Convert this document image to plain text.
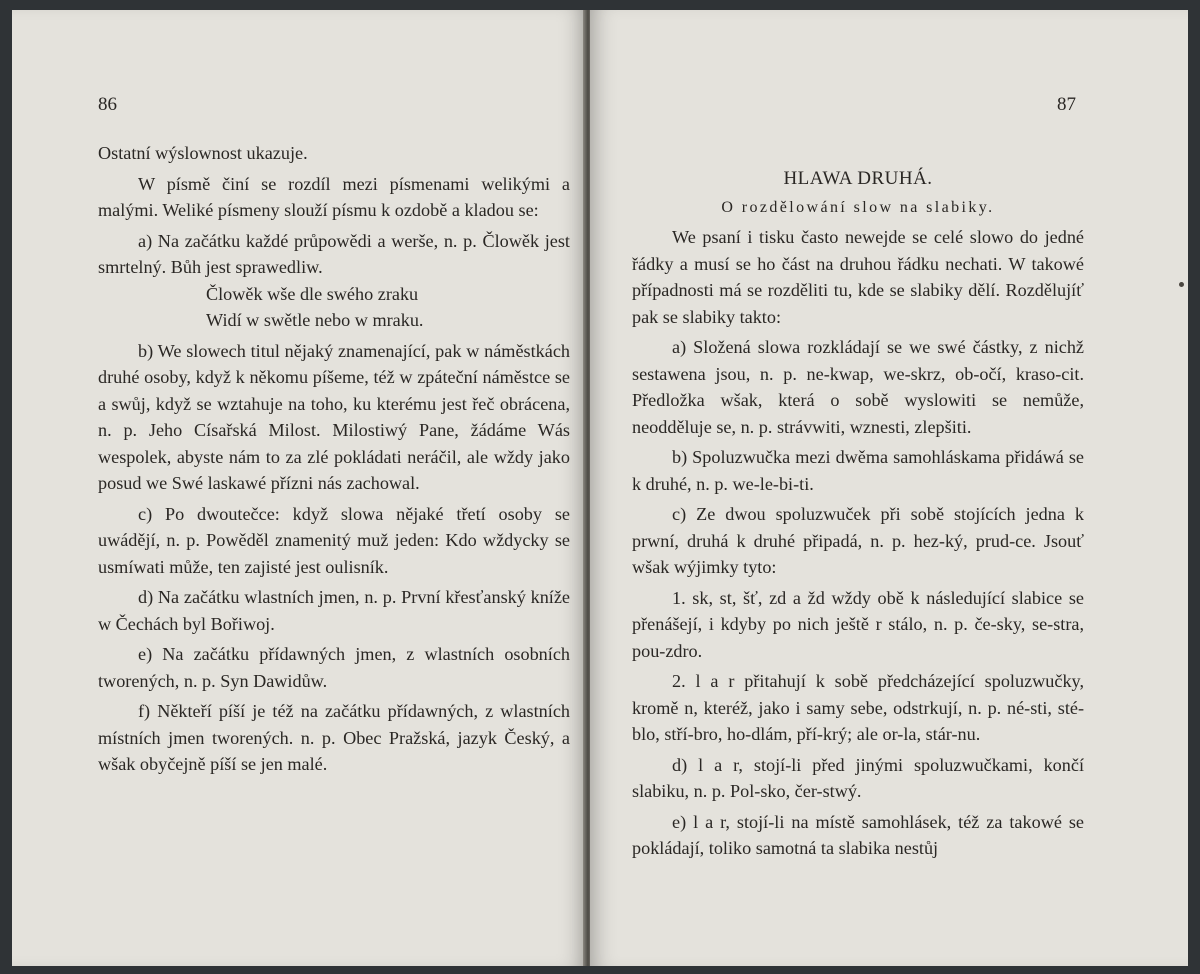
86

Ostatní wýslownost ukazuje.

W písmě činí se rozdíl mezi písmenami welikými a malými. Weliké písmeny slouží písmu k ozdobě a kladou se:

a) Na začátku každé průpowědi a werše, n. p. Člowěk jest smrtelný. Bůh jest sprawedliw.

Člowěk wše dle swého zraku

Widí w swětle nebo w mraku.

b) We slowech titul nějaký znamenající, pak w náměstkách druhé osoby, když k někomu píšeme, též w zpáteční náměstce se a swůj, když se wztahuje na toho, ku kterému jest řeč obrácena, n. p. Jeho Císařská Milost. Milostiwý Pane, žádáme Wás wespolek, abyste nám to za zlé pokládati neráčil, ale wždy jako posud we Swé laskawé přízni nás zachowal.

c) Po dwoutečce: když slowa nějaké třetí osoby se uwádějí, n. p. Powěděl znamenitý muž jeden: Kdo wždycky se usmíwati může, ten zajisté jest oulisník.

d) Na začátku wlastních jmen, n. p. První křesťanský kníže w Čechách byl Bořiwoj.

e) Na začátku přídawných jmen, z wlastních osobních tworených, n. p. Syn Dawidůw.

f) Někteří píší je též na začátku přídawných, z wlastních místních jmen tworených. n. p. Obec Pražská, jazyk Český, a wšak obyčejně píší se jen malé.

87
HLAWA DRUHÁ.
O rozdělowání slow na slabiky.

We psaní i tisku často newejde se celé slowo do jedné řádky a musí se ho část na druhou řádku nechati. W takowé případnosti má se rozděliti tu, kde se slabiky dělí. Rozdělujíť pak se slabiky takto:

a) Složená slowa rozkládají se we swé částky, z nichž sestawena jsou, n. p. ne-kwap, we-skrz, ob-očí, kraso-cit. Předložka wšak, která o sobě wyslowiti se nemůže, neodděluje se, n. p. strávwiti, wznesti, zlepšiti.

b) Spoluzwučka mezi dwěma samohláskama přidáwá se k druhé, n. p. we-le-bi-ti.

c) Ze dwou spoluzwuček při sobě stojících jedna k prwní, druhá k druhé připadá, n. p. hez-ký, prud-ce. Jsouť wšak wýjimky tyto:

1. sk, st, šť, zd a žd wždy obě k následující slabice se přenášejí, i kdyby po nich ještě r stálo, n. p. če-sky, se-stra, pou-zdro.

2. l a r přitahují k sobě předcházející spoluzwučky, kromě n, kteréž, jako i samy sebe, odstrkují, n. p. né-sti, sté-blo, stří-bro, ho-dlám, pří-krý; ale or-la, stár-nu.

d) l a r, stojí-li před jinými spoluzwučkami, končí slabiku, n. p. Pol-sko, čer-stwý.

e) l a r, stojí-li na místě samohlásek, též za takowé se pokládají, toliko samotná ta slabika nestůj
